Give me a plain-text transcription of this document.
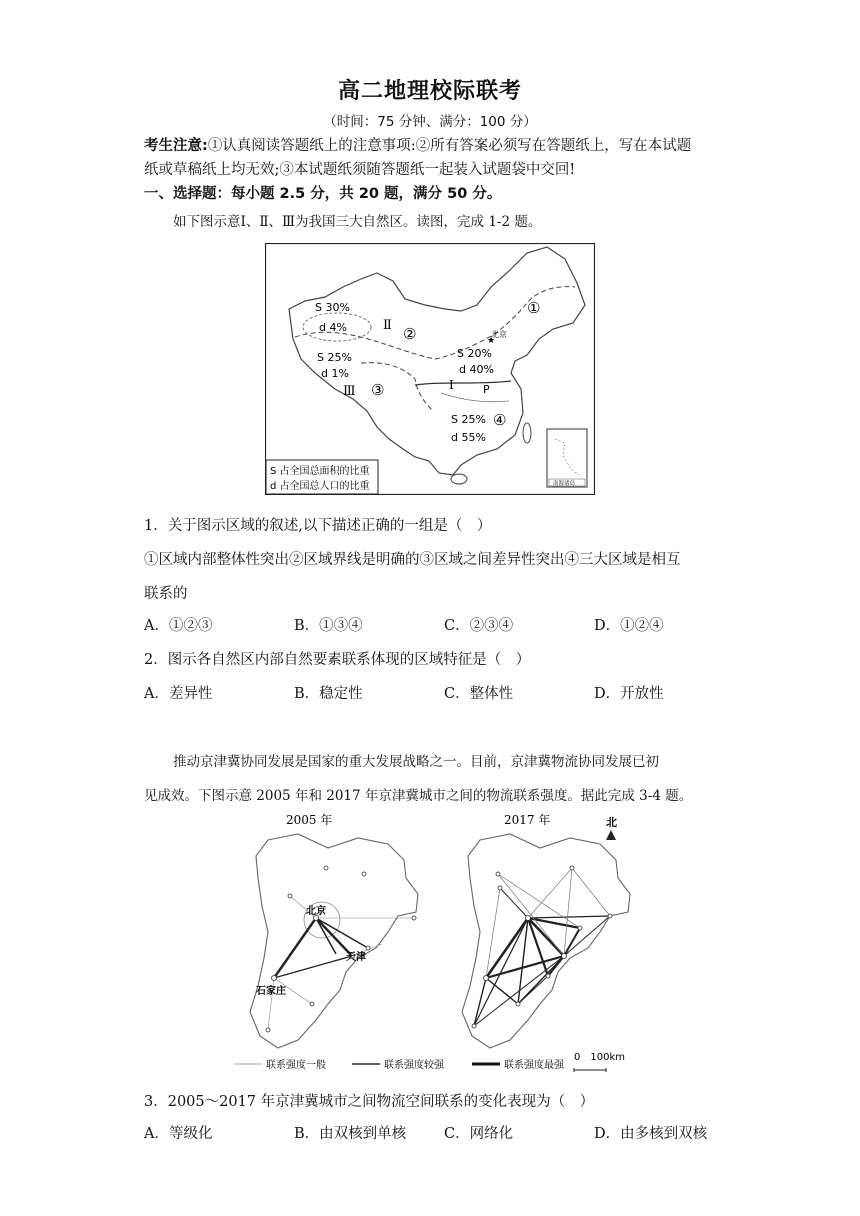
高二地理校际联考
（时间：75 分钟、满分：100 分）
考生注意:①认真阅读答题纸上的注意事项:②所有答案必须写在答题纸上，写在本试题
纸或草稿纸上均无效;③本试题纸须随答题纸一起装入试题袋中交回!
一、选择题：每小题 2.5 分，共 20 题，满分 50 分。
如下图示意Ⅰ、Ⅱ、Ⅲ为我国三大自然区。读图，完成 1-2 题。
★
S 30%
d 4%	Ⅱ ②
S 25%
d 1%
Ⅲ ③
北京
①
S 20%
d 40%
Ⅰ	P
S 25%
d 55%
④
南海诸岛
S 占全国总面积的比重
d 占全国总人口的比重
1．关于图示区域的叙述,以下描述正确的一组是（　）
①区域内部整体性突出②区域界线是明确的③区域之间差异性突出④三大区域是相互
联系的
A．①②③	B．①③④	C．②③④	D．①②④
2．图示各自然区内部自然要素联系体现的区域特征是（　）
A．差异性	B．稳定性	C．整体性	D．开放性
推动京津冀协同发展是国家的重大发展战略之一。目前，京津冀物流协同发展已初
见成效。下图示意 2005 年和 2017 年京津冀城市之间的物流联系强度。据此完成 3-4 题。
2005 年	2017 年	北
北京
天津
石家庄
联系强度一般	联系强度较强	联系强度最强
0　100km
3．2005～2017 年京津冀城市之间物流空间联系的变化表现为（　）
A．等级化	B．由双核到单核	C．网络化	D．由多核到双核
